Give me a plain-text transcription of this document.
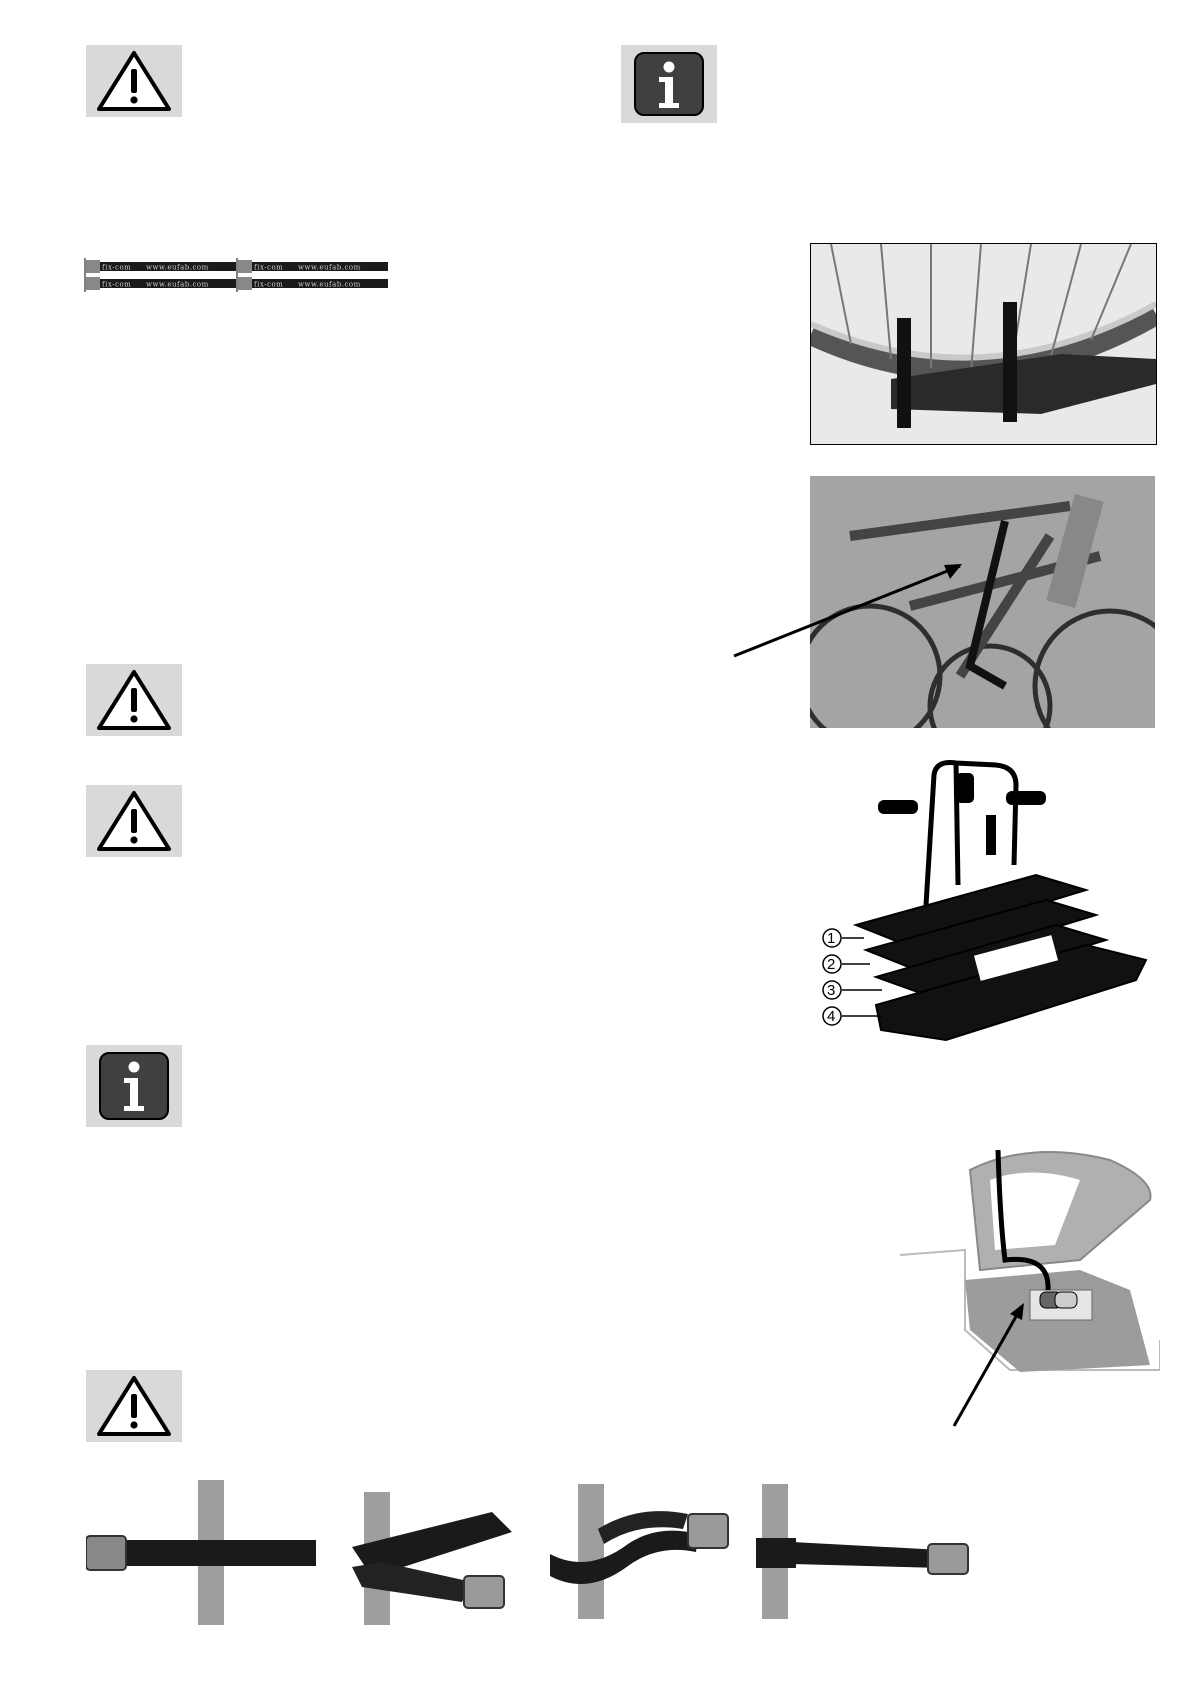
fix-com www.eufab.com	fix-com www.eufab.com
fix-com www.eufab.com	fix-com www.eufab.com
1
2
3
4
